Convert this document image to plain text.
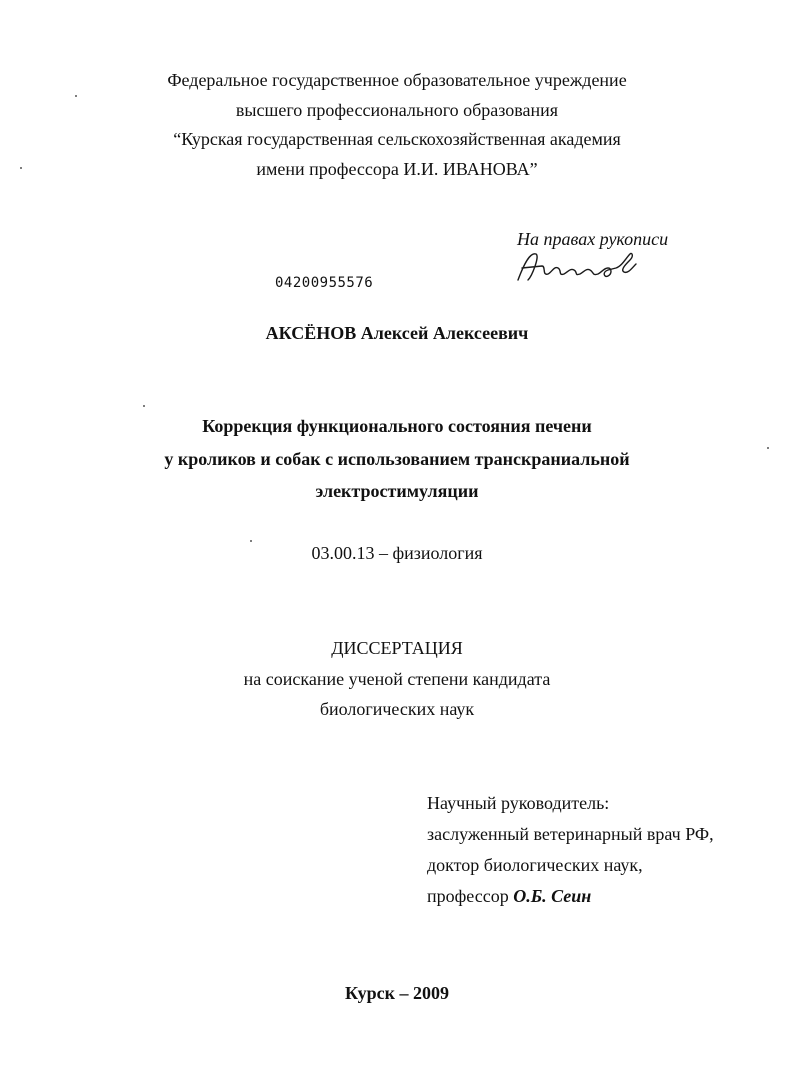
Федеральное государственное образовательное учреждение
высшего профессионального образования
“Курская государственная сельскохозяйственная академия
имени профессора И.И. ИВАНОВА”
На правах рукописи
04200955576
АКСЁНОВ Алексей Алексеевич
Коррекция функционального состояния печени
у кроликов и собак с использованием транскраниальной
электростимуляции
03.00.13 – физиология
ДИССЕРТАЦИЯ
на соискание ученой степени кандидата
биологических наук
Научный руководитель:
заслуженный ветеринарный врач РФ,
доктор биологических наук,
профессор О.Б. Сеин
Курск – 2009
